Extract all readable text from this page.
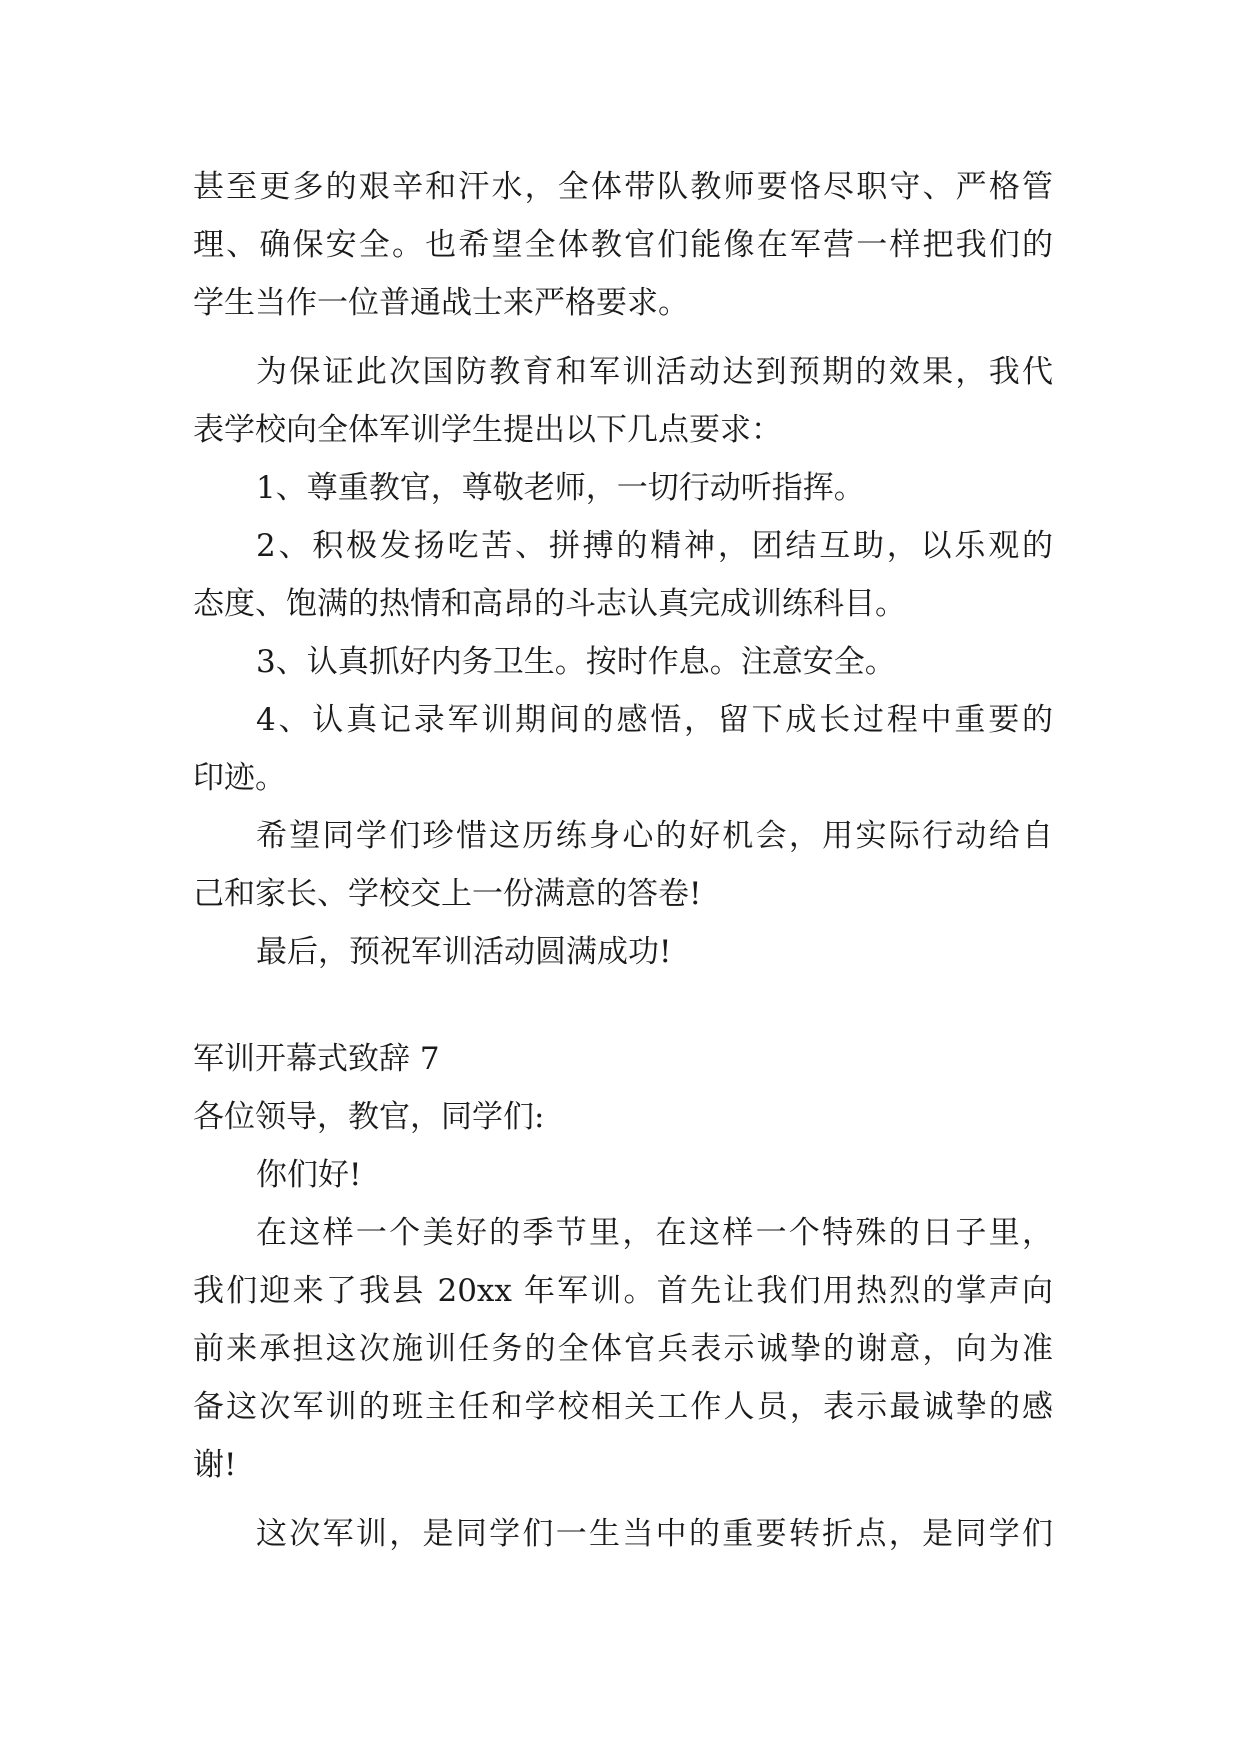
甚至更多的艰辛和汗水，全体带队教师要恪尽职守、严格管
理、确保安全。也希望全体教官们能像在军营一样把我们的
学生当作一位普通战士来严格要求。
为保证此次国防教育和军训活动达到预期的效果，我代
表学校向全体军训学生提出以下几点要求：
1、尊重教官，尊敬老师，一切行动听指挥。
2、积极发扬吃苦、拼搏的精神，团结互助，以乐观的
态度、饱满的热情和高昂的斗志认真完成训练科目。
3、认真抓好内务卫生。按时作息。注意安全。
4、认真记录军训期间的感悟，留下成长过程中重要的
印迹。
希望同学们珍惜这历练身心的好机会，用实际行动给自
己和家长、学校交上一份满意的答卷!
最后，预祝军训活动圆满成功!
军训开幕式致辞 7
各位领导，教官，同学们:
你们好!
在这样一个美好的季节里，在这样一个特殊的日子里，
我们迎来了我县 20xx 年军训。首先让我们用热烈的掌声向
前来承担这次施训任务的全体官兵表示诚挚的谢意，向为准
备这次军训的班主任和学校相关工作人员，表示最诚挚的感
谢!
这次军训，是同学们一生当中的重要转折点，是同学们
